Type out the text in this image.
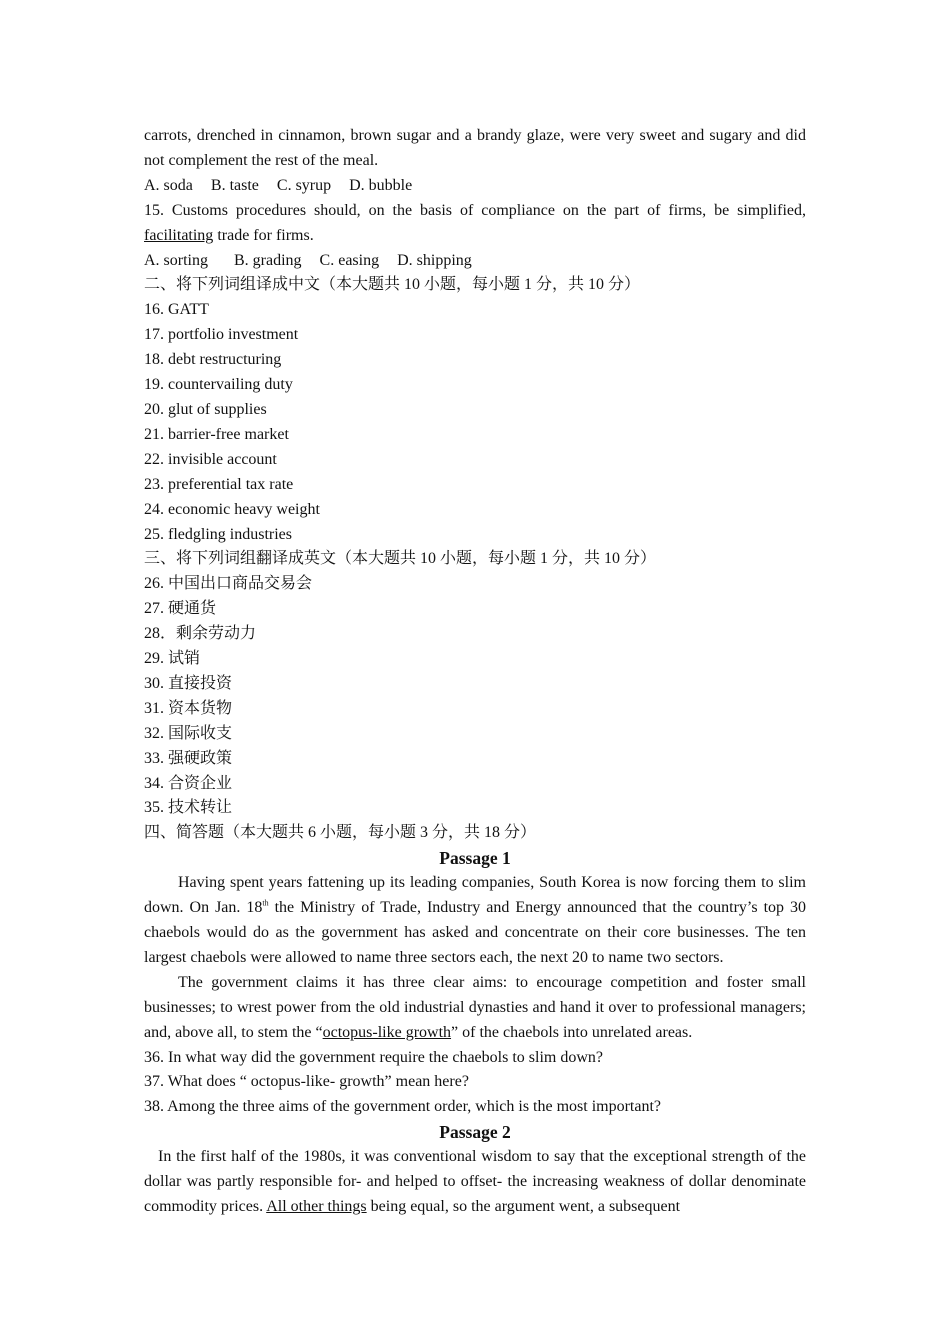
carrots, drenched in cinnamon, brown sugar and a brandy glaze, were very sweet and sugary and did not complement the rest of the meal.
A. soda B. taste C. syrup D. bubble
15. Customs procedures should, on the basis of compliance on the part of firms, be simplified, facilitating trade for firms.
A. sorting B. grading C. easing D. shipping
二、将下列词组译成中文（本大题共 10 小题，每小题 1 分，共 10 分）
16. GATT
17. portfolio investment
18. debt restructuring
19. countervailing duty
20. glut of supplies
21. barrier-free market
22. invisible account
23. preferential tax rate
24. economic heavy weight
25. fledgling industries
三、将下列词组翻译成英文（本大题共 10 小题，每小题 1 分，共 10 分）
26. 中国出口商品交易会
27. 硬通货
28．剩余劳动力
29. 试销
30. 直接投资
31. 资本货物
32. 国际收支
33. 强硬政策
34. 合资企业
35. 技术转让
四、简答题（本大题共 6 小题，每小题 3 分，共 18 分）
Passage 1
Having spent years fattening up its leading companies, South Korea is now forcing them to slim down. On Jan. 18th the Ministry of Trade, Industry and Energy announced that the country’s top 30 chaebols would do as the government has asked and concentrate on their core businesses. The ten largest chaebols were allowed to name three sectors each, the next 20 to name two sectors.
The government claims it has three clear aims: to encourage competition and foster small businesses; to wrest power from the old industrial dynasties and hand it over to professional managers; and, above all, to stem the “octopus-like growth” of the chaebols into unrelated areas.
36. In what way did the government require the chaebols to slim down?
37. What does “ octopus-like- growth” mean here?
38. Among the three aims of the government order, which is the most important?
Passage 2
In the first half of the 1980s, it was conventional wisdom to say that the exceptional strength of the dollar was partly responsible for- and helped to offset- the increasing weakness of dollar denominate commodity prices. All other things being equal, so the argument went, a subsequent
